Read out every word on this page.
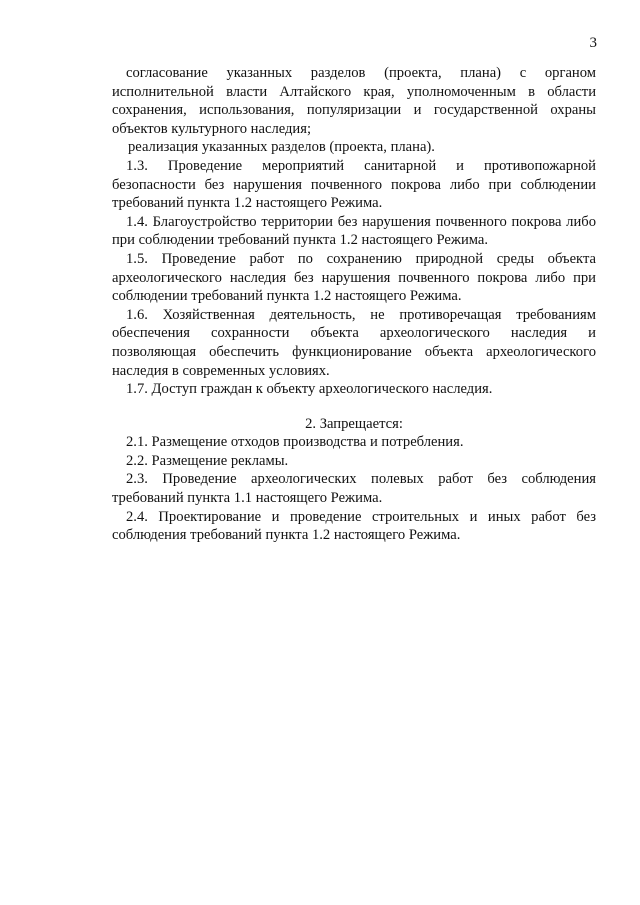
3

согласование указанных разделов (проекта, плана) с органом исполнительной власти Алтайского края, уполномоченным в области сохранения, использования, популяризации и государственной охраны объектов культурного наследия;

реализация указанных разделов (проекта, плана).

1.3. Проведение мероприятий санитарной и противопожарной безопасности без нарушения почвенного покрова либо при соблюдении требований пункта 1.2 настоящего Режима.

1.4. Благоустройство территории без нарушения почвенного покрова либо при соблюдении требований пункта 1.2 настоящего Режима.

1.5. Проведение работ по сохранению природной среды объекта археологического наследия без нарушения почвенного покрова либо при соблюдении требований пункта 1.2 настоящего Режима.

1.6. Хозяйственная деятельность, не противоречащая требованиям обеспечения сохранности объекта археологического наследия и позволяющая обеспечить функционирование объекта археологического наследия в современных условиях.

1.7. Доступ граждан к объекту археологического наследия.

2. Запрещается:

2.1. Размещение отходов производства и потребления.

2.2. Размещение рекламы.

2.3. Проведение археологических полевых работ без соблюдения требований пункта 1.1 настоящего Режима.

2.4. Проектирование и проведение строительных и иных работ без соблюдения требований пункта 1.2 настоящего Режима.
